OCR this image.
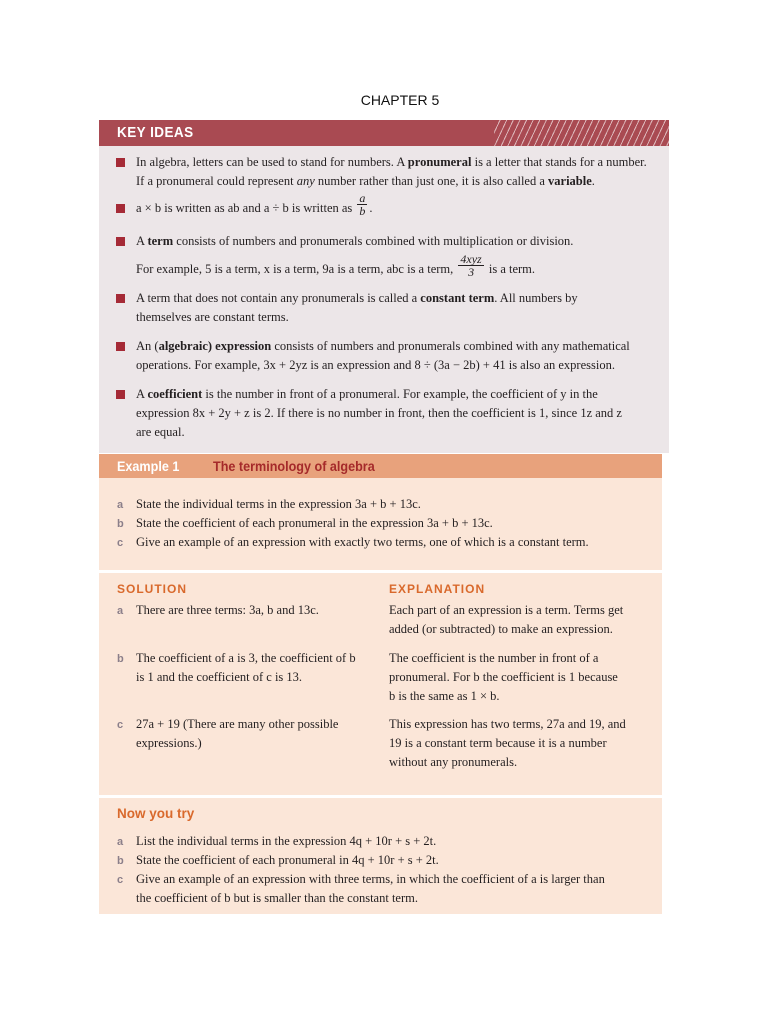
CHAPTER 5
KEY IDEAS
In algebra, letters can be used to stand for numbers. A pronumeral is a letter that stands for a number.
If a pronumeral could represent any number rather than just one, it is also called a variable.
a × b is written as ab and a ÷ b is written as $\frac{a}{b}$ .
A term consists of numbers and pronumerals combined with multiplication or division.
For example, 5 is a term, x is a term, 9a is a term, abc is a term, $\frac{\text{4xyz}}{3}$ is a term.
A term that does not contain any pronumerals is called a constant term. All numbers by
themselves are constant terms.
An (algebraic) expression consists of numbers and pronumerals combined with any mathematical
operations. For example, 3x + 2yz is an expression and 8 ÷ (3a − 2b) + 41 is also an expression.
A coefficient is the number in front of a pronumeral. For example, the coefficient of y in the
expression 8x + 2y + z is 2. If there is no number in front, then the coefficient is 1, since 1z and z
are equal.
Example 1 The terminology of algebra
a State the individual terms in the expression 3a + b + 13c.
b State the coefficient of each pronumeral in the expression 3a + b + 13c.
c Give an example of an expression with exactly two terms, one of which is a constant term.
SOLUTION	EXPLANATION
a There are three terms: 3a, b and 13c.	Each part of an expression is a term. Terms get
added (or subtracted) to make an expression.
b The coefficient of a is 3, the coefficient of b
is 1 and the coefficient of c is 13.
The coefficient is the number in front of a
pronumeral. For b the coefficient is 1 because
b is the same as 1 × b.
c 27a + 19 (There are many other possible
expressions.)
This expression has two terms, 27a and 19, and
19 is a constant term because it is a number
without any pronumerals.
Now you try
a List the individual terms in the expression 4q + 10r + s + 2t.
b State the coefficient of each pronumeral in 4q + 10r + s + 2t.
c Give an example of an expression with three terms, in which the coefficient of a is larger than
the coefficient of b but is smaller than the constant term.
